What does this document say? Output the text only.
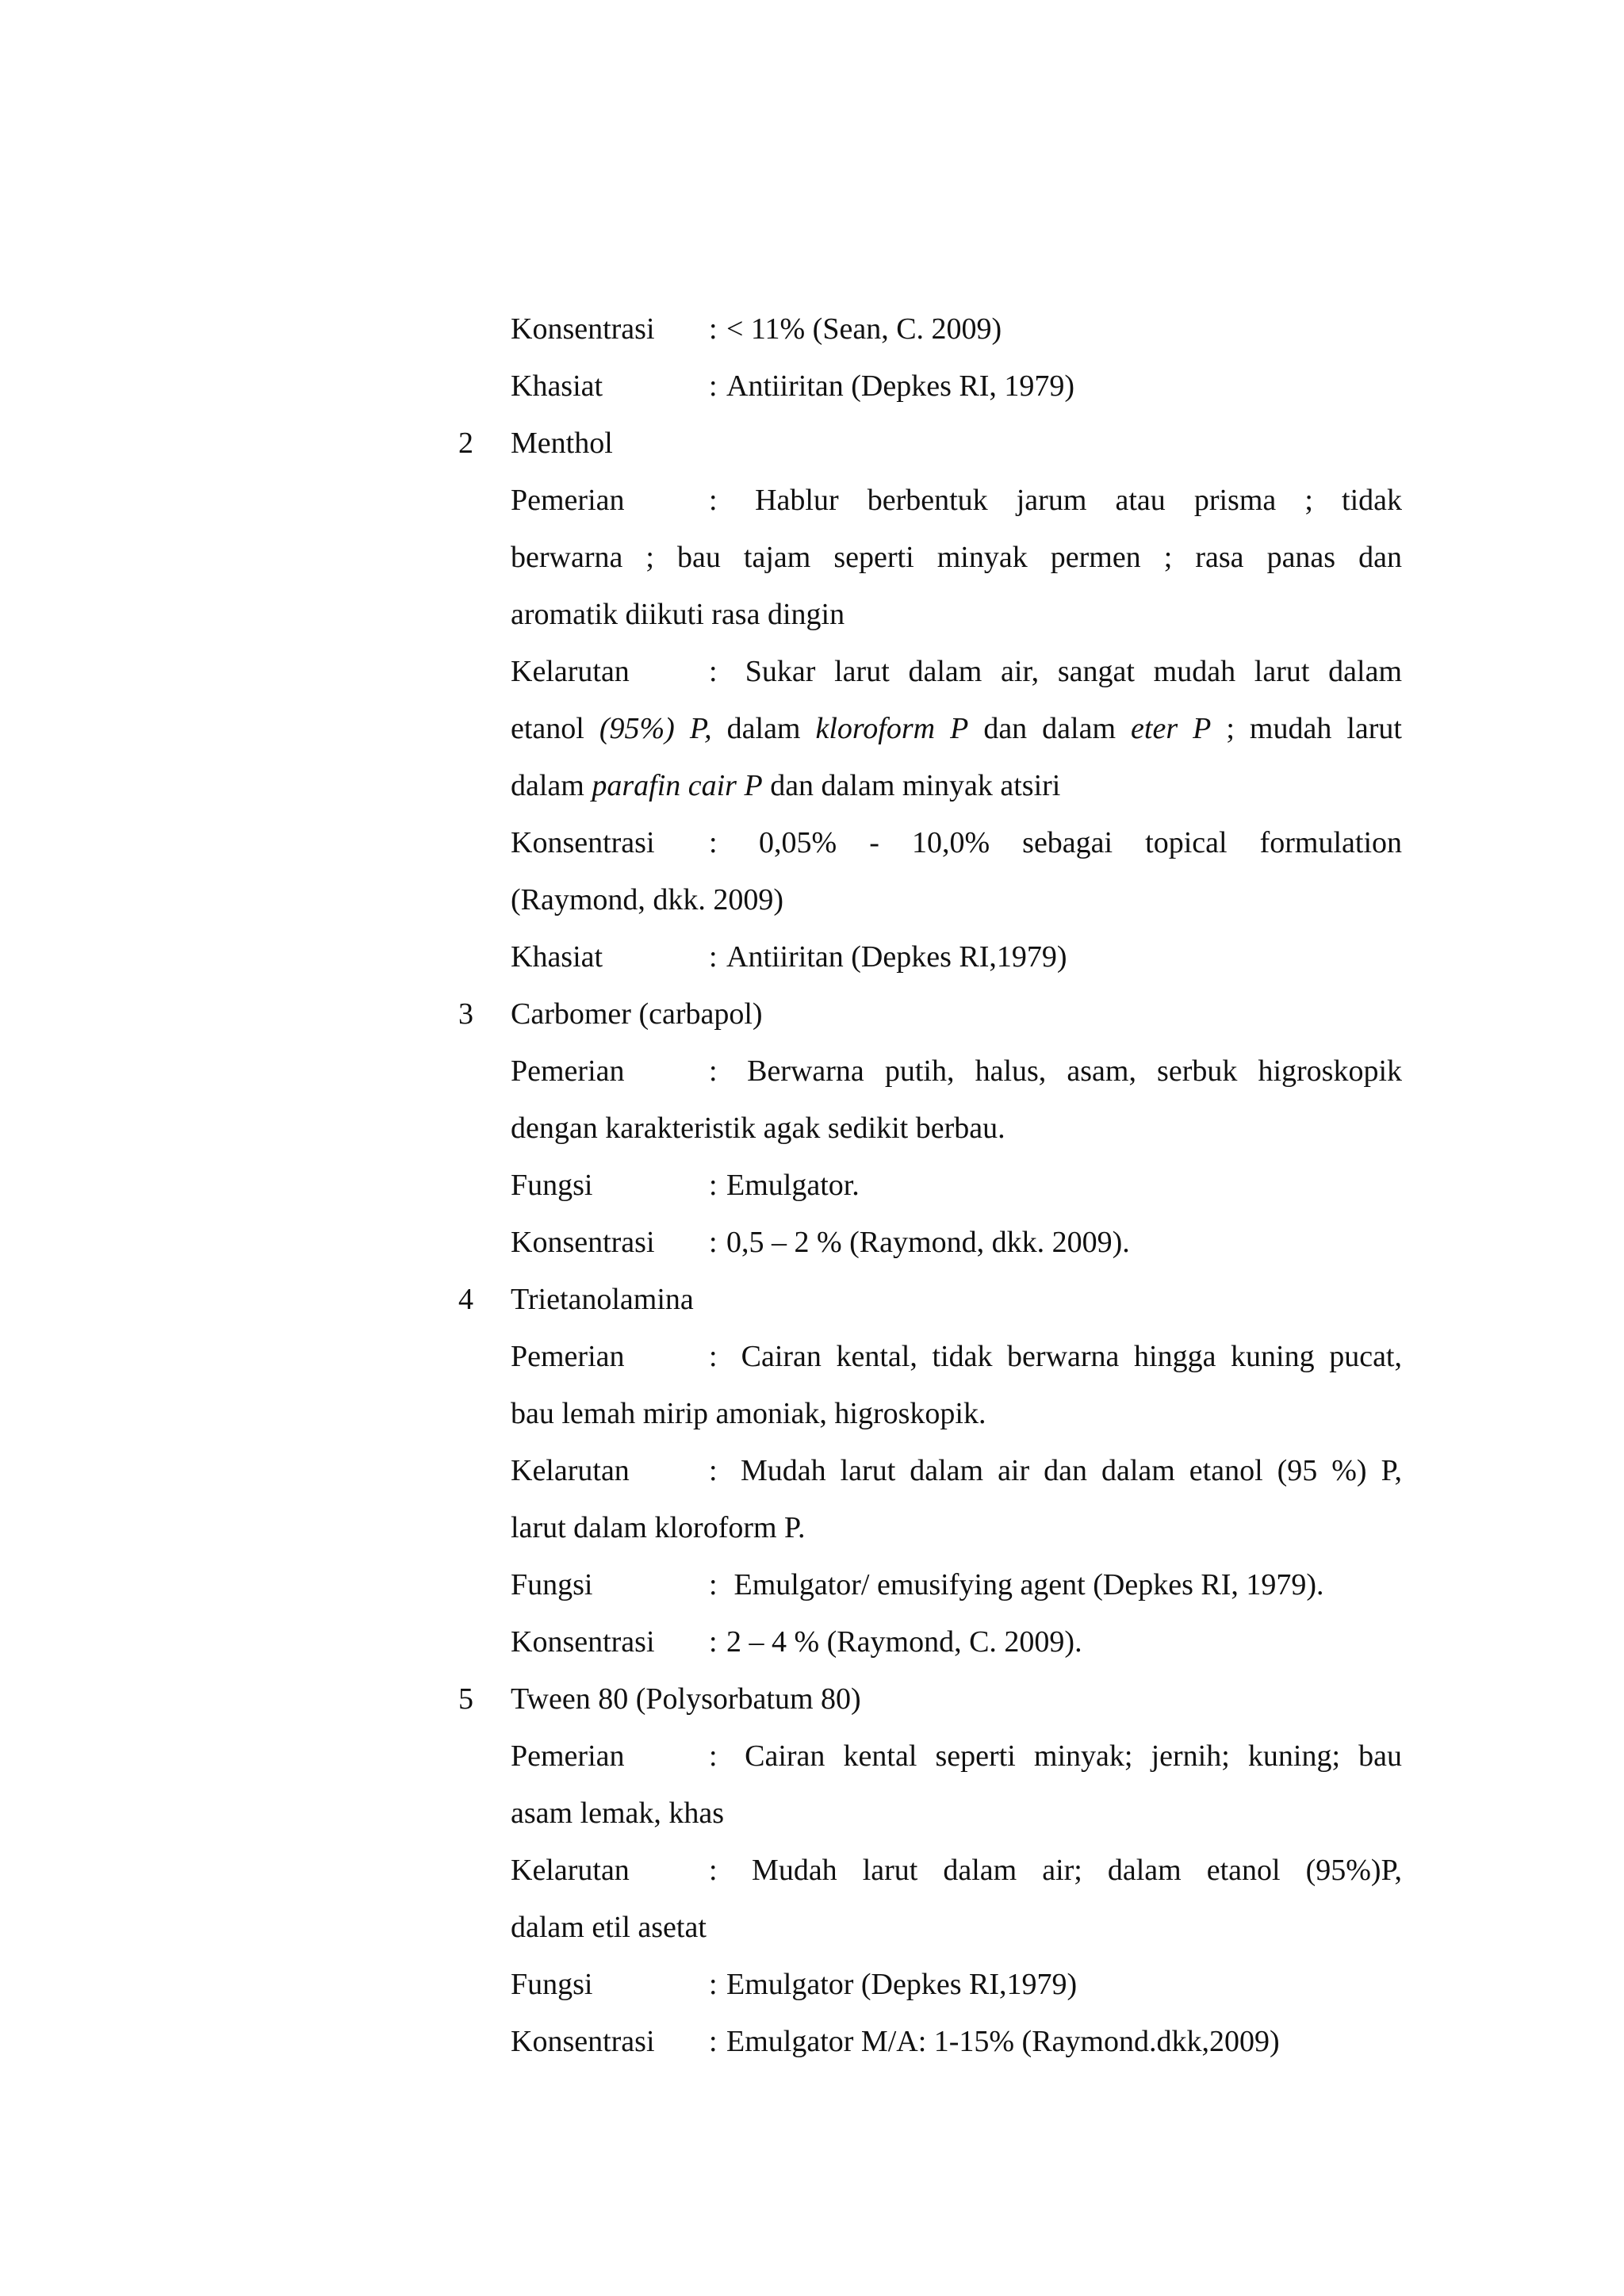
Konsentrasi : < 11% (Sean, C. 2009)
Khasiat	: Antiiritan (Depkes RI, 1979)
2 Menthol
Pemerian	: Hablur berbentuk jarum atau prisma ; tidak
berwarna ; bau tajam seperti minyak permen ; rasa panas dan
aromatik diikuti rasa dingin
Kelarutan	: Sukar larut dalam air, sangat mudah larut dalam
etanol (95%) P, dalam kloroform P dan dalam eter P ; mudah larut
dalam parafin cair P dan dalam minyak atsiri
Konsentrasi : 0,05% - 10,0% sebagai topical formulation
(Raymond, dkk. 2009)
Khasiat	: Antiiritan (Depkes RI,1979)
3 Carbomer (carbapol)
Pemerian	: Berwarna putih, halus, asam, serbuk higroskopik
dengan karakteristik agak sedikit berbau.
Fungsi	: Emulgator.
Konsentrasi : 0,5 – 2 % (Raymond, dkk. 2009).
4 Trietanolamina
Pemerian	: Cairan kental, tidak berwarna hingga kuning pucat,
bau lemah mirip amoniak, higroskopik.
Kelarutan	: Mudah larut dalam air dan dalam etanol (95 %) P,
larut dalam kloroform P.
Fungsi	: Emulgator/ emusifying agent (Depkes RI, 1979).
Konsentrasi : 2 – 4 % (Raymond, C. 2009).
5 Tween 80 (Polysorbatum 80)
Pemerian	: Cairan kental seperti minyak; jernih; kuning; bau
asam lemak, khas
Kelarutan	: Mudah larut dalam air; dalam etanol (95%)P,
dalam etil asetat
Fungsi	: Emulgator (Depkes RI,1979)
Konsentrasi : Emulgator M/A: 1-15% (Raymond.dkk,2009)
